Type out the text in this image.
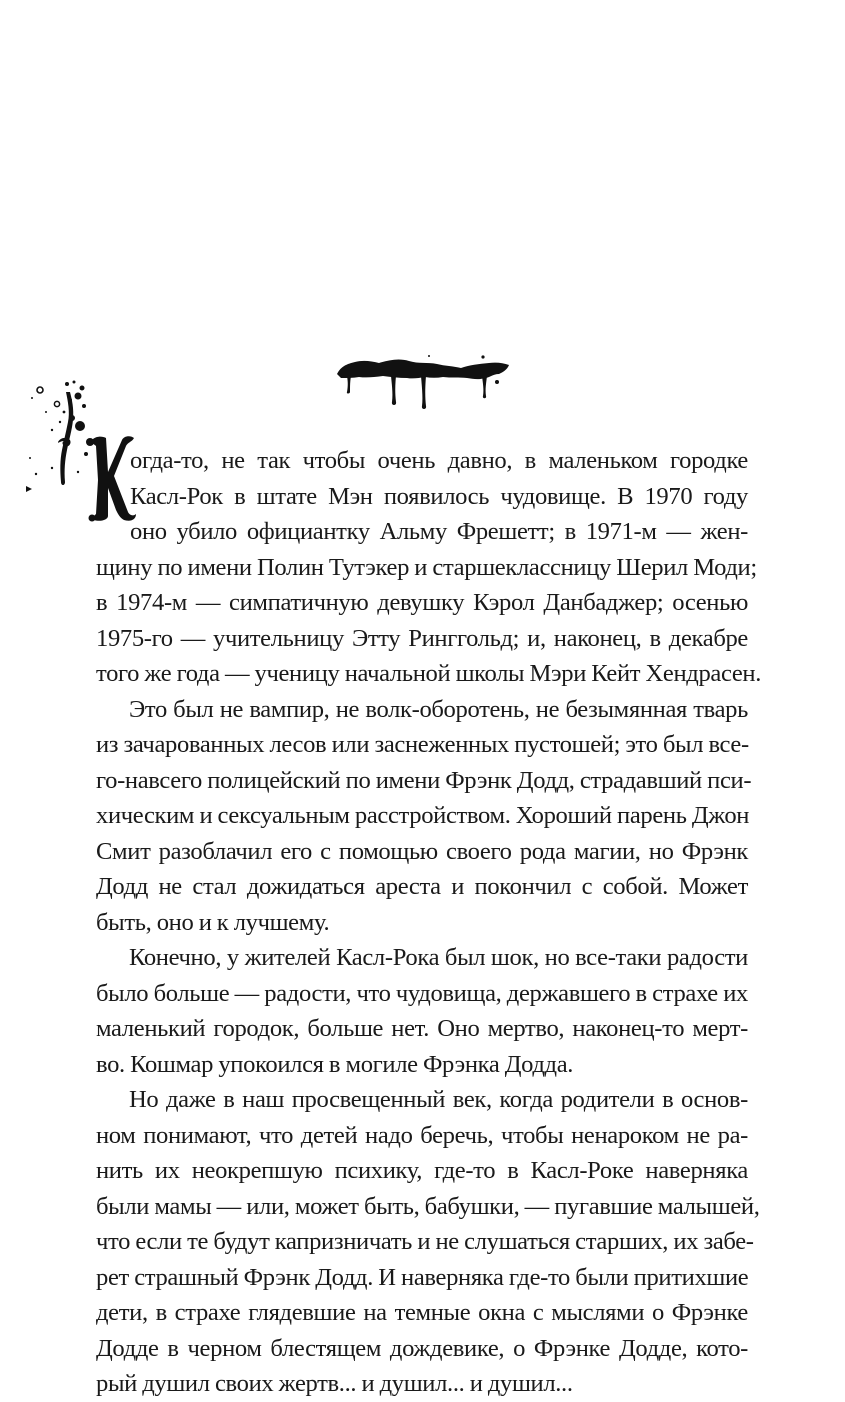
огда-то, не так чтобы очень давно, в маленьком городке
Касл-Рок в штате Мэн появилось чудовище. В 1970 году
оно убило официантку Альму Фрешетт; в 1971-м — жен-
щину по имени Полин Тутэкер и старшеклассницу Шерил Моди;
в 1974-м — симпатичную девушку Кэрол Данбаджер; осенью
1975-го — учительницу Этту Ринггольд; и, наконец, в декабре
того же года — ученицу начальной школы Мэри Кейт Хендрасен.
Это был не вампир, не волк-оборотень, не безымянная тварь
из зачарованных лесов или заснеженных пустошей; это был все-
го-навсего полицейский по имени Фрэнк Додд, страдавший пси-
хическим и сексуальным расстройством. Хороший парень Джон
Смит разоблачил его с помощью своего рода магии, но Фрэнк
Додд не стал дожидаться ареста и покончил с собой. Может
быть, оно и к лучшему.
Конечно, у жителей Касл-Рока был шок, но все-таки радости
было больше — радости, что чудовища, державшего в страхе их
маленький городок, больше нет. Оно мертво, наконец-то мерт-
во. Кошмар упокоился в могиле Фрэнка Додда.
Но даже в наш просвещенный век, когда родители в основ-
ном понимают, что детей надо беречь, чтобы ненароком не ра-
нить их неокрепшую психику, где-то в Касл-Роке наверняка
были мамы — или, может быть, бабушки, — пугавшие малышей,
что если те будут капризничать и не слушаться старших, их забе-
рет страшный Фрэнк Додд. И наверняка где-то были притихшие
дети, в страхе глядевшие на темные окна с мыслями о Фрэнке
Додде в черном блестящем дождевике, о Фрэнке Додде, кото-
рый душил своих жертв... и душил... и душил...
